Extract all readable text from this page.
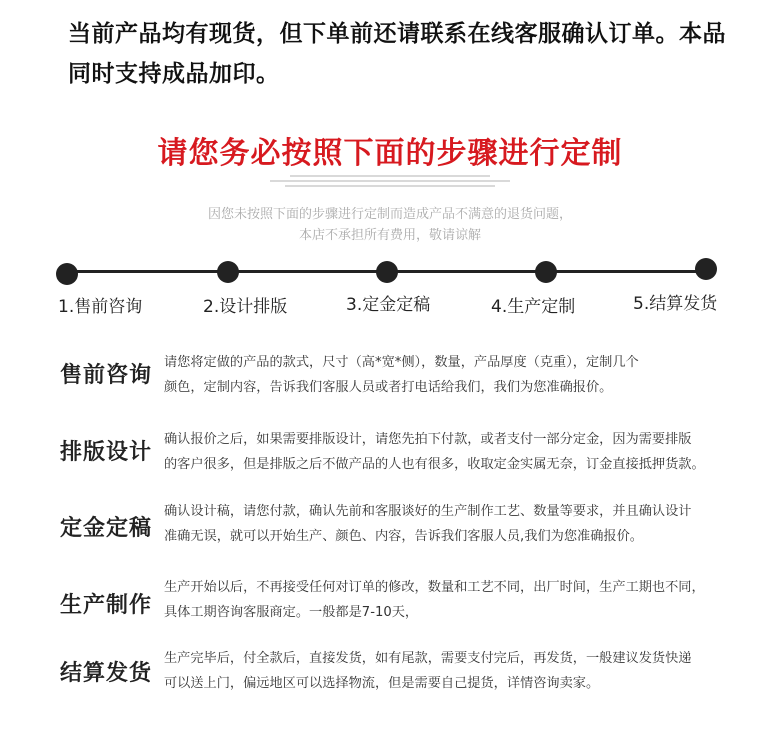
当前产品均有现货，但下单前还请联系在线客服确认订单。本品同时支持成品加印。
请您务必按照下面的步骤进行定制
因您未按照下面的步骤进行定制而造成产品不满意的退货问题，
本店不承担所有费用，敬请谅解
1.售前咨询	2.设计排版	3.定金定稿	4.生产定制	5.结算发货
售前咨询
请您将定做的产品的款式，尺寸（高*宽*侧），数量，产品厚度（克重），定制几个
颜色，定制内容，告诉我们客服人员或者打电话给我们，我们为您准确报价。
排版设计
确认报价之后，如果需要排版设计，请您先拍下付款，或者支付一部分定金，因为需要排版
的客户很多，但是排版之后不做产品的人也有很多，收取定金实属无奈，订金直接抵押货款。
定金定稿
确认设计稿，请您付款，确认先前和客服谈好的生产制作工艺、数量等要求，并且确认设计
准确无误，就可以开始生产、颜色、内容，告诉我们客服人员,我们为您准确报价。
生产制作
生产开始以后，不再接受任何对订单的修改，数量和工艺不同，出厂时间，生产工期也不同，
具体工期咨询客服商定。一般都是7-10天，
结算发货
生产完毕后，付全款后，直接发货，如有尾款，需要支付完后，再发货，一般建议发货快递
可以送上门，偏远地区可以选择物流，但是需要自己提货，详情咨询卖家。
